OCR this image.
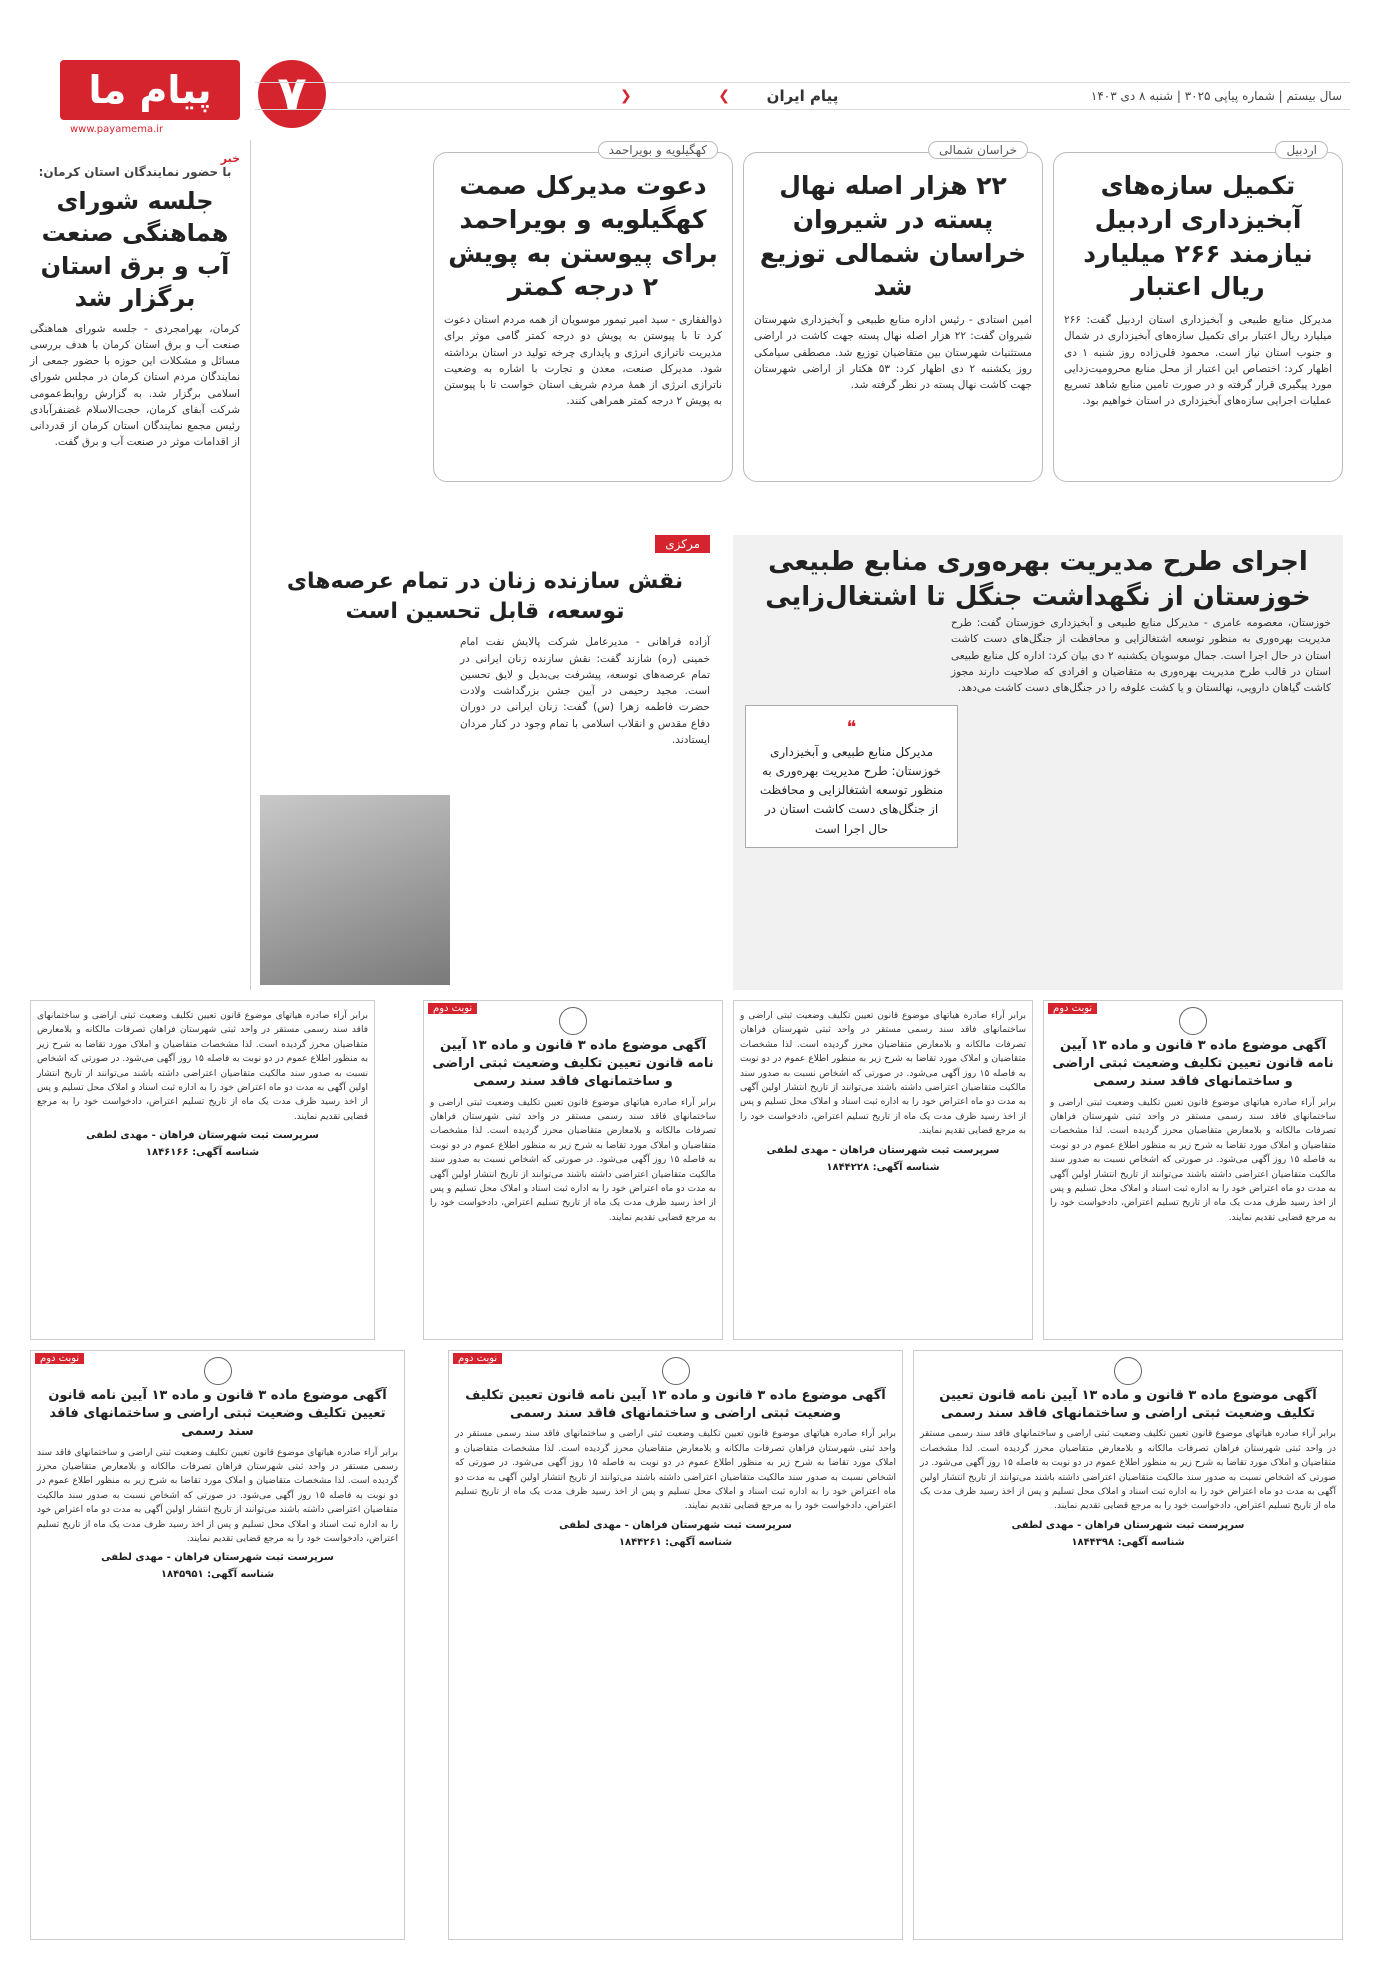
پیام ما
www.payamema.ir
۷	سال بیستم | شماره پیاپی ۳۰۲۵ | شنبه ۸ دی ۱۴۰۳
❯ پیام ایران
❮
اردبیل
تکمیل سازه‌های آبخیزداری اردبیل نیازمند ۲۶۶ میلیارد ریال اعتبار
مدیرکل منابع طبیعی و آبخیزداری استان اردبیل گفت: ۲۶۶ میلیارد ریال اعتبار برای تکمیل سازه‌های آبخیزداری در شمال و جنوب استان نیاز است. محمود قلی‌زاده روز شنبه ۱ دی اظهار کرد: اختصاص این اعتبار از محل منابع محرومیت‌زدایی مورد پیگیری قرار گرفته و در صورت تامین منابع شاهد تسریع عملیات اجرایی سازه‌های آبخیزداری در استان خواهیم بود.
خراسان شمالی
۲۲ هزار اصله نهال پسته در شیروان خراسان شمالی توزیع شد
امین استادی - رئیس اداره منابع طبیعی و آبخیزداری شهرستان شیروان گفت: ۲۲ هزار اصله نهال پسته جهت کاشت در اراضی مستثنیات شهرستان بین متقاضیان توزیع شد. مصطفی سیامکی روز یکشنبه ۲ دی اظهار کرد: ۵۳ هکتار از اراضی شهرستان جهت کاشت نهال پسته در نظر گرفته شد.
کهگیلویه و بویراحمد
دعوت مدیرکل صمت کهگیلویه و بویراحمد برای پیوستن به پویش ۲ درجه کمتر
ذوالفقاری - سید امیر تیمور موسویان از همه مردم استان دعوت کرد تا با پیوستن به پویش دو درجه کمتر گامی موثر برای مدیریت ناترازی انرژی و پایداری چرخه تولید در استان برداشته شود. مدیرکل صنعت، معدن و تجارت با اشاره به وضعیت ناترازی انرژی از همهٔ مردم شریف استان خواست تا با پیوستن به پویش ۲ درجه کمتر همراهی کنند.
خبر
با حضور نمایندگان استان کرمان:
جلسه شورای هماهنگی صنعت آب و برق استان برگزار شد
کرمان، بهرامجردی - جلسه شورای هماهنگی صنعت آب و برق استان کرمان با هدف بررسی مسائل و مشکلات این حوزه با حضور جمعی از نمایندگان مردم استان کرمان در مجلس شورای اسلامی برگزار شد. به گزارش روابط‌عمومی شرکت آبفای کرمان، حجت‌الاسلام غضنفرآبادی رئیس مجمع نمایندگان استان کرمان از قدردانی از اقدامات موثر در صنعت آب و برق گفت.
اجرای طرح مدیریت بهره‌وری منابع طبیعی خوزستان از نگهداشت جنگل تا اشتغال‌زایی
خوزستان، معصومه عامری - مدیرکل منابع طبیعی و آبخیزداری خوزستان گفت: طرح مدیریت بهره‌وری به منظور توسعه اشتغالزایی و محافظت از جنگل‌های دست کاشت استان در حال اجرا است. جمال موسویان یکشنبه ۲ دی بیان کرد: اداره کل منابع طبیعی استان در قالب طرح مدیریت بهره‌وری به متقاضیان و افرادی که صلاحیت دارند مجوز کاشت گیاهان دارویی، نهالستان و یا کشت علوفه را در جنگل‌های دست کاشت می‌دهد.
❝
مدیرکل منابع طبیعی و آبخیزداری خوزستان: طرح مدیریت بهره‌وری به منظور توسعه اشتغالزایی و محافظت از جنگل‌های دست کاشت استان در حال اجرا است
مرکزی
نقش سازنده زنان در تمام عرصه‌های توسعه، قابل تحسین است
آزاده فراهانی - مدیرعامل شرکت پالایش نفت امام خمینی (ره) شازند گفت: نقش سازنده زنان ایرانی در تمام عرصه‌های توسعه، پیشرفت بی‌بدیل و لایق تحسین است. مجید رحیمی در آیین جشن بزرگداشت ولادت حضرت فاطمه زهرا (س) گفت: زنان ایرانی در دوران دفاع مقدس و انقلاب اسلامی با تمام وجود در کنار مردان ایستادند.
نوبت دوم
آگهی موضوع ماده ۳ قانون و ماده ۱۳ آیین نامه قانون تعیین تکلیف وضعیت ثبتی اراضی و ساختمانهای فاقد سند رسمی
برابر آراء صادره هیاتهای موضوع قانون تعیین تکلیف وضعیت ثبتی اراضی و ساختمانهای فاقد سند رسمی مستقر در واحد ثبتی شهرستان فراهان تصرفات مالکانه و بلامعارض متقاضیان محرز گردیده است. لذا مشخصات متقاضیان و املاک مورد تقاضا به شرح زیر به منظور اطلاع عموم در دو نوبت به فاصله ۱۵ روز آگهی می‌شود. در صورتی که اشخاص نسبت به صدور سند مالکیت متقاضیان اعتراضی داشته باشند می‌توانند از تاریخ انتشار اولین آگهی به مدت دو ماه اعتراض خود را به اداره ثبت اسناد و املاک محل تسلیم و پس از اخذ رسید ظرف مدت یک ماه از تاریخ تسلیم اعتراض، دادخواست خود را به مرجع قضایی تقدیم نمایند.
برابر آراء صادره هیاتهای موضوع قانون تعیین تکلیف وضعیت ثبتی اراضی و ساختمانهای فاقد سند رسمی مستقر در واحد ثبتی شهرستان فراهان تصرفات مالکانه و بلامعارض متقاضیان محرز گردیده است. لذا مشخصات متقاضیان و املاک مورد تقاضا به شرح زیر به منظور اطلاع عموم در دو نوبت به فاصله ۱۵ روز آگهی می‌شود. در صورتی که اشخاص نسبت به صدور سند مالکیت متقاضیان اعتراضی داشته باشند می‌توانند از تاریخ انتشار اولین آگهی به مدت دو ماه اعتراض خود را به اداره ثبت اسناد و املاک محل تسلیم و پس از اخذ رسید ظرف مدت یک ماه از تاریخ تسلیم اعتراض، دادخواست خود را به مرجع قضایی تقدیم نمایند.
سرپرست ثبت شهرستان فراهان - مهدی لطفی
شناسه آگهی: ۱۸۴۴۲۲۸
نوبت دوم
آگهی موضوع ماده ۳ قانون و ماده ۱۳ آیین نامه قانون تعیین تکلیف وضعیت ثبتی اراضی و ساختمانهای فاقد سند رسمی
برابر آراء صادره هیاتهای موضوع قانون تعیین تکلیف وضعیت ثبتی اراضی و ساختمانهای فاقد سند رسمی مستقر در واحد ثبتی شهرستان فراهان تصرفات مالکانه و بلامعارض متقاضیان محرز گردیده است. لذا مشخصات متقاضیان و املاک مورد تقاضا به شرح زیر به منظور اطلاع عموم در دو نوبت به فاصله ۱۵ روز آگهی می‌شود. در صورتی که اشخاص نسبت به صدور سند مالکیت متقاضیان اعتراضی داشته باشند می‌توانند از تاریخ انتشار اولین آگهی به مدت دو ماه اعتراض خود را به اداره ثبت اسناد و املاک محل تسلیم و پس از اخذ رسید ظرف مدت یک ماه از تاریخ تسلیم اعتراض، دادخواست خود را به مرجع قضایی تقدیم نمایند.
برابر آراء صادره هیاتهای موضوع قانون تعیین تکلیف وضعیت ثبتی اراضی و ساختمانهای فاقد سند رسمی مستقر در واحد ثبتی شهرستان فراهان تصرفات مالکانه و بلامعارض متقاضیان محرز گردیده است. لذا مشخصات متقاضیان و املاک مورد تقاضا به شرح زیر به منظور اطلاع عموم در دو نوبت به فاصله ۱۵ روز آگهی می‌شود. در صورتی که اشخاص نسبت به صدور سند مالکیت متقاضیان اعتراضی داشته باشند می‌توانند از تاریخ انتشار اولین آگهی به مدت دو ماه اعتراض خود را به اداره ثبت اسناد و املاک محل تسلیم و پس از اخذ رسید ظرف مدت یک ماه از تاریخ تسلیم اعتراض، دادخواست خود را به مرجع قضایی تقدیم نمایند.
سرپرست ثبت شهرستان فراهان - مهدی لطفی
شناسه آگهی: ۱۸۴۶۱۶۶
آگهی موضوع ماده ۳ قانون و ماده ۱۳ آیین نامه قانون تعیین تکلیف وضعیت ثبتی اراضی و ساختمانهای فاقد سند رسمی
برابر آراء صادره هیاتهای موضوع قانون تعیین تکلیف وضعیت ثبتی اراضی و ساختمانهای فاقد سند رسمی مستقر در واحد ثبتی شهرستان فراهان تصرفات مالکانه و بلامعارض متقاضیان محرز گردیده است. لذا مشخصات متقاضیان و املاک مورد تقاضا به شرح زیر به منظور اطلاع عموم در دو نوبت به فاصله ۱۵ روز آگهی می‌شود. در صورتی که اشخاص نسبت به صدور سند مالکیت متقاضیان اعتراضی داشته باشند می‌توانند از تاریخ انتشار اولین آگهی به مدت دو ماه اعتراض خود را به اداره ثبت اسناد و املاک محل تسلیم و پس از اخذ رسید ظرف مدت یک ماه از تاریخ تسلیم اعتراض، دادخواست خود را به مرجع قضایی تقدیم نمایند.
سرپرست ثبت شهرستان فراهان - مهدی لطفی
شناسه آگهی: ۱۸۴۴۳۹۸
نوبت دوم
آگهی موضوع ماده ۳ قانون و ماده ۱۳ آیین نامه قانون تعیین تکلیف وضعیت ثبتی اراضی و ساختمانهای فاقد سند رسمی
برابر آراء صادره هیاتهای موضوع قانون تعیین تکلیف وضعیت ثبتی اراضی و ساختمانهای فاقد سند رسمی مستقر در واحد ثبتی شهرستان فراهان تصرفات مالکانه و بلامعارض متقاضیان محرز گردیده است. لذا مشخصات متقاضیان و املاک مورد تقاضا به شرح زیر به منظور اطلاع عموم در دو نوبت به فاصله ۱۵ روز آگهی می‌شود. در صورتی که اشخاص نسبت به صدور سند مالکیت متقاضیان اعتراضی داشته باشند می‌توانند از تاریخ انتشار اولین آگهی به مدت دو ماه اعتراض خود را به اداره ثبت اسناد و املاک محل تسلیم و پس از اخذ رسید ظرف مدت یک ماه از تاریخ تسلیم اعتراض، دادخواست خود را به مرجع قضایی تقدیم نمایند.
سرپرست ثبت شهرستان فراهان - مهدی لطفی
شناسه آگهی: ۱۸۴۴۲۶۱
نوبت دوم
آگهی موضوع ماده ۳ قانون و ماده ۱۳ آیین نامه قانون تعیین تکلیف وضعیت ثبتی اراضی و ساختمانهای فاقد سند رسمی
برابر آراء صادره هیاتهای موضوع قانون تعیین تکلیف وضعیت ثبتی اراضی و ساختمانهای فاقد سند رسمی مستقر در واحد ثبتی شهرستان فراهان تصرفات مالکانه و بلامعارض متقاضیان محرز گردیده است. لذا مشخصات متقاضیان و املاک مورد تقاضا به شرح زیر به منظور اطلاع عموم در دو نوبت به فاصله ۱۵ روز آگهی می‌شود. در صورتی که اشخاص نسبت به صدور سند مالکیت متقاضیان اعتراضی داشته باشند می‌توانند از تاریخ انتشار اولین آگهی به مدت دو ماه اعتراض خود را به اداره ثبت اسناد و املاک محل تسلیم و پس از اخذ رسید ظرف مدت یک ماه از تاریخ تسلیم اعتراض، دادخواست خود را به مرجع قضایی تقدیم نمایند.
سرپرست ثبت شهرستان فراهان - مهدی لطفی
شناسه آگهی: ۱۸۴۵۹۵۱
